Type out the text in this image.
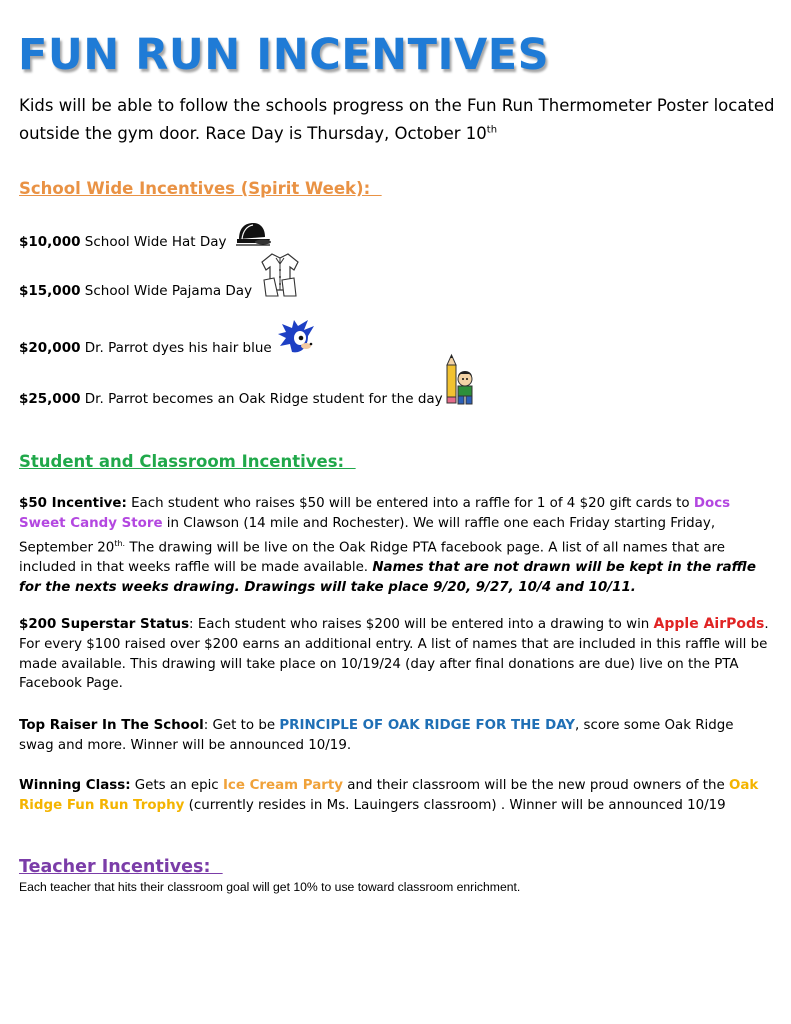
FUN RUN INCENTIVES
Kids will be able to follow the schools progress on the Fun Run Thermometer Poster located outside the gym door. Race Day is Thursday, October 10th
School Wide Incentives (Spirit Week):
$10,000 School Wide Hat Day
$15,000 School Wide Pajama Day
$20,000 Dr. Parrot dyes his hair blue
$25,000 Dr. Parrot becomes an Oak Ridge student for the day
Student and Classroom Incentives:
$50 Incentive: Each student who raises $50 will be entered into a raffle for 1 of 4 $20 gift cards to Docs Sweet Candy Store in Clawson (14 mile and Rochester). We will raffle one each Friday starting Friday, September $20^{th.}$ The drawing will be live on the Oak Ridge PTA facebook page. A list of all names that are included in that weeks raffle will be made available. Names that are not drawn will be kept in the raffle for the nexts weeks drawing. Drawings will take place 9/20, 9/27, 10/4 and 10/11.
$200 Superstar Status: Each student who raises $200 will be entered into a drawing to win Apple AirPods. For every $100 raised over $200 earns an additional entry. A list of names that are included in this raffle will be made available. This drawing will take place on 10/19/24 (day after final donations are due) live on the PTA Facebook Page.
Top Raiser In The School: Get to be PRINCIPLE OF OAK RIDGE FOR THE DAY, score some Oak Ridge swag and more. Winner will be announced 10/19.
Winning Class: Gets an epic Ice Cream Party and their classroom will be the new proud owners of the Oak Ridge Fun Run Trophy (currently resides in Ms. Lauingers classroom) . Winner will be announced 10/19
Teacher Incentives:
Each teacher that hits their classroom goal will get 10% to use toward classroom enrichment.
